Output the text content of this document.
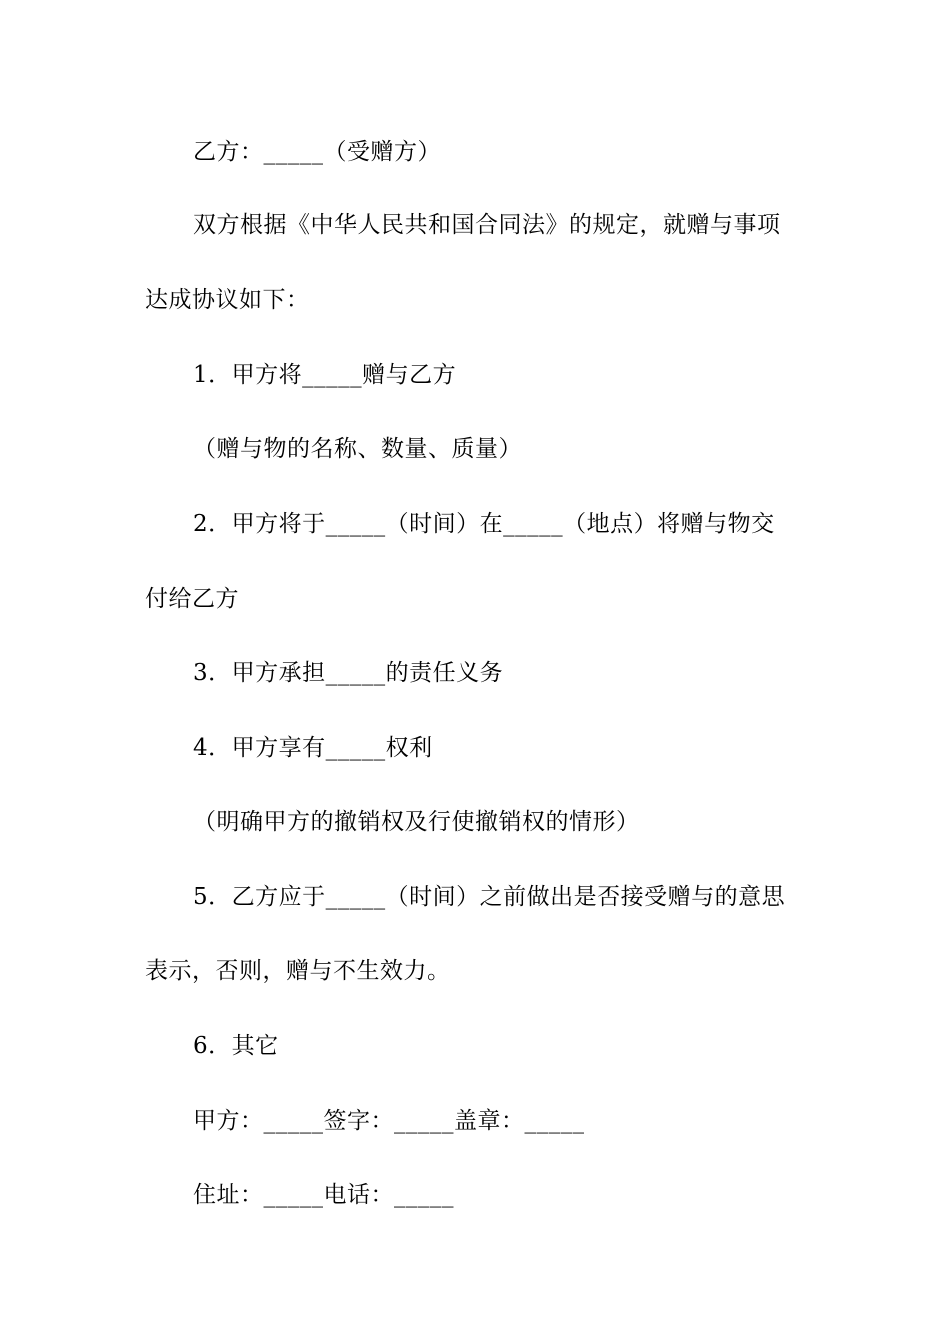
乙方：_____（受赠方）

双方根据《中华人民共和国合同法》的规定，就赠与事项

达成协议如下：

1．甲方将_____赠与乙方

（赠与物的名称、数量、质量）

2．甲方将于_____（时间）在_____（地点）将赠与物交

付给乙方

3．甲方承担_____的责任义务

4．甲方享有_____权利

（明确甲方的撤销权及行使撤销权的情形）

5．乙方应于_____（时间）之前做出是否接受赠与的意思

表示，否则，赠与不生效力。

6．其它

甲方：_____签字：_____盖章：_____

住址：_____电话：_____
